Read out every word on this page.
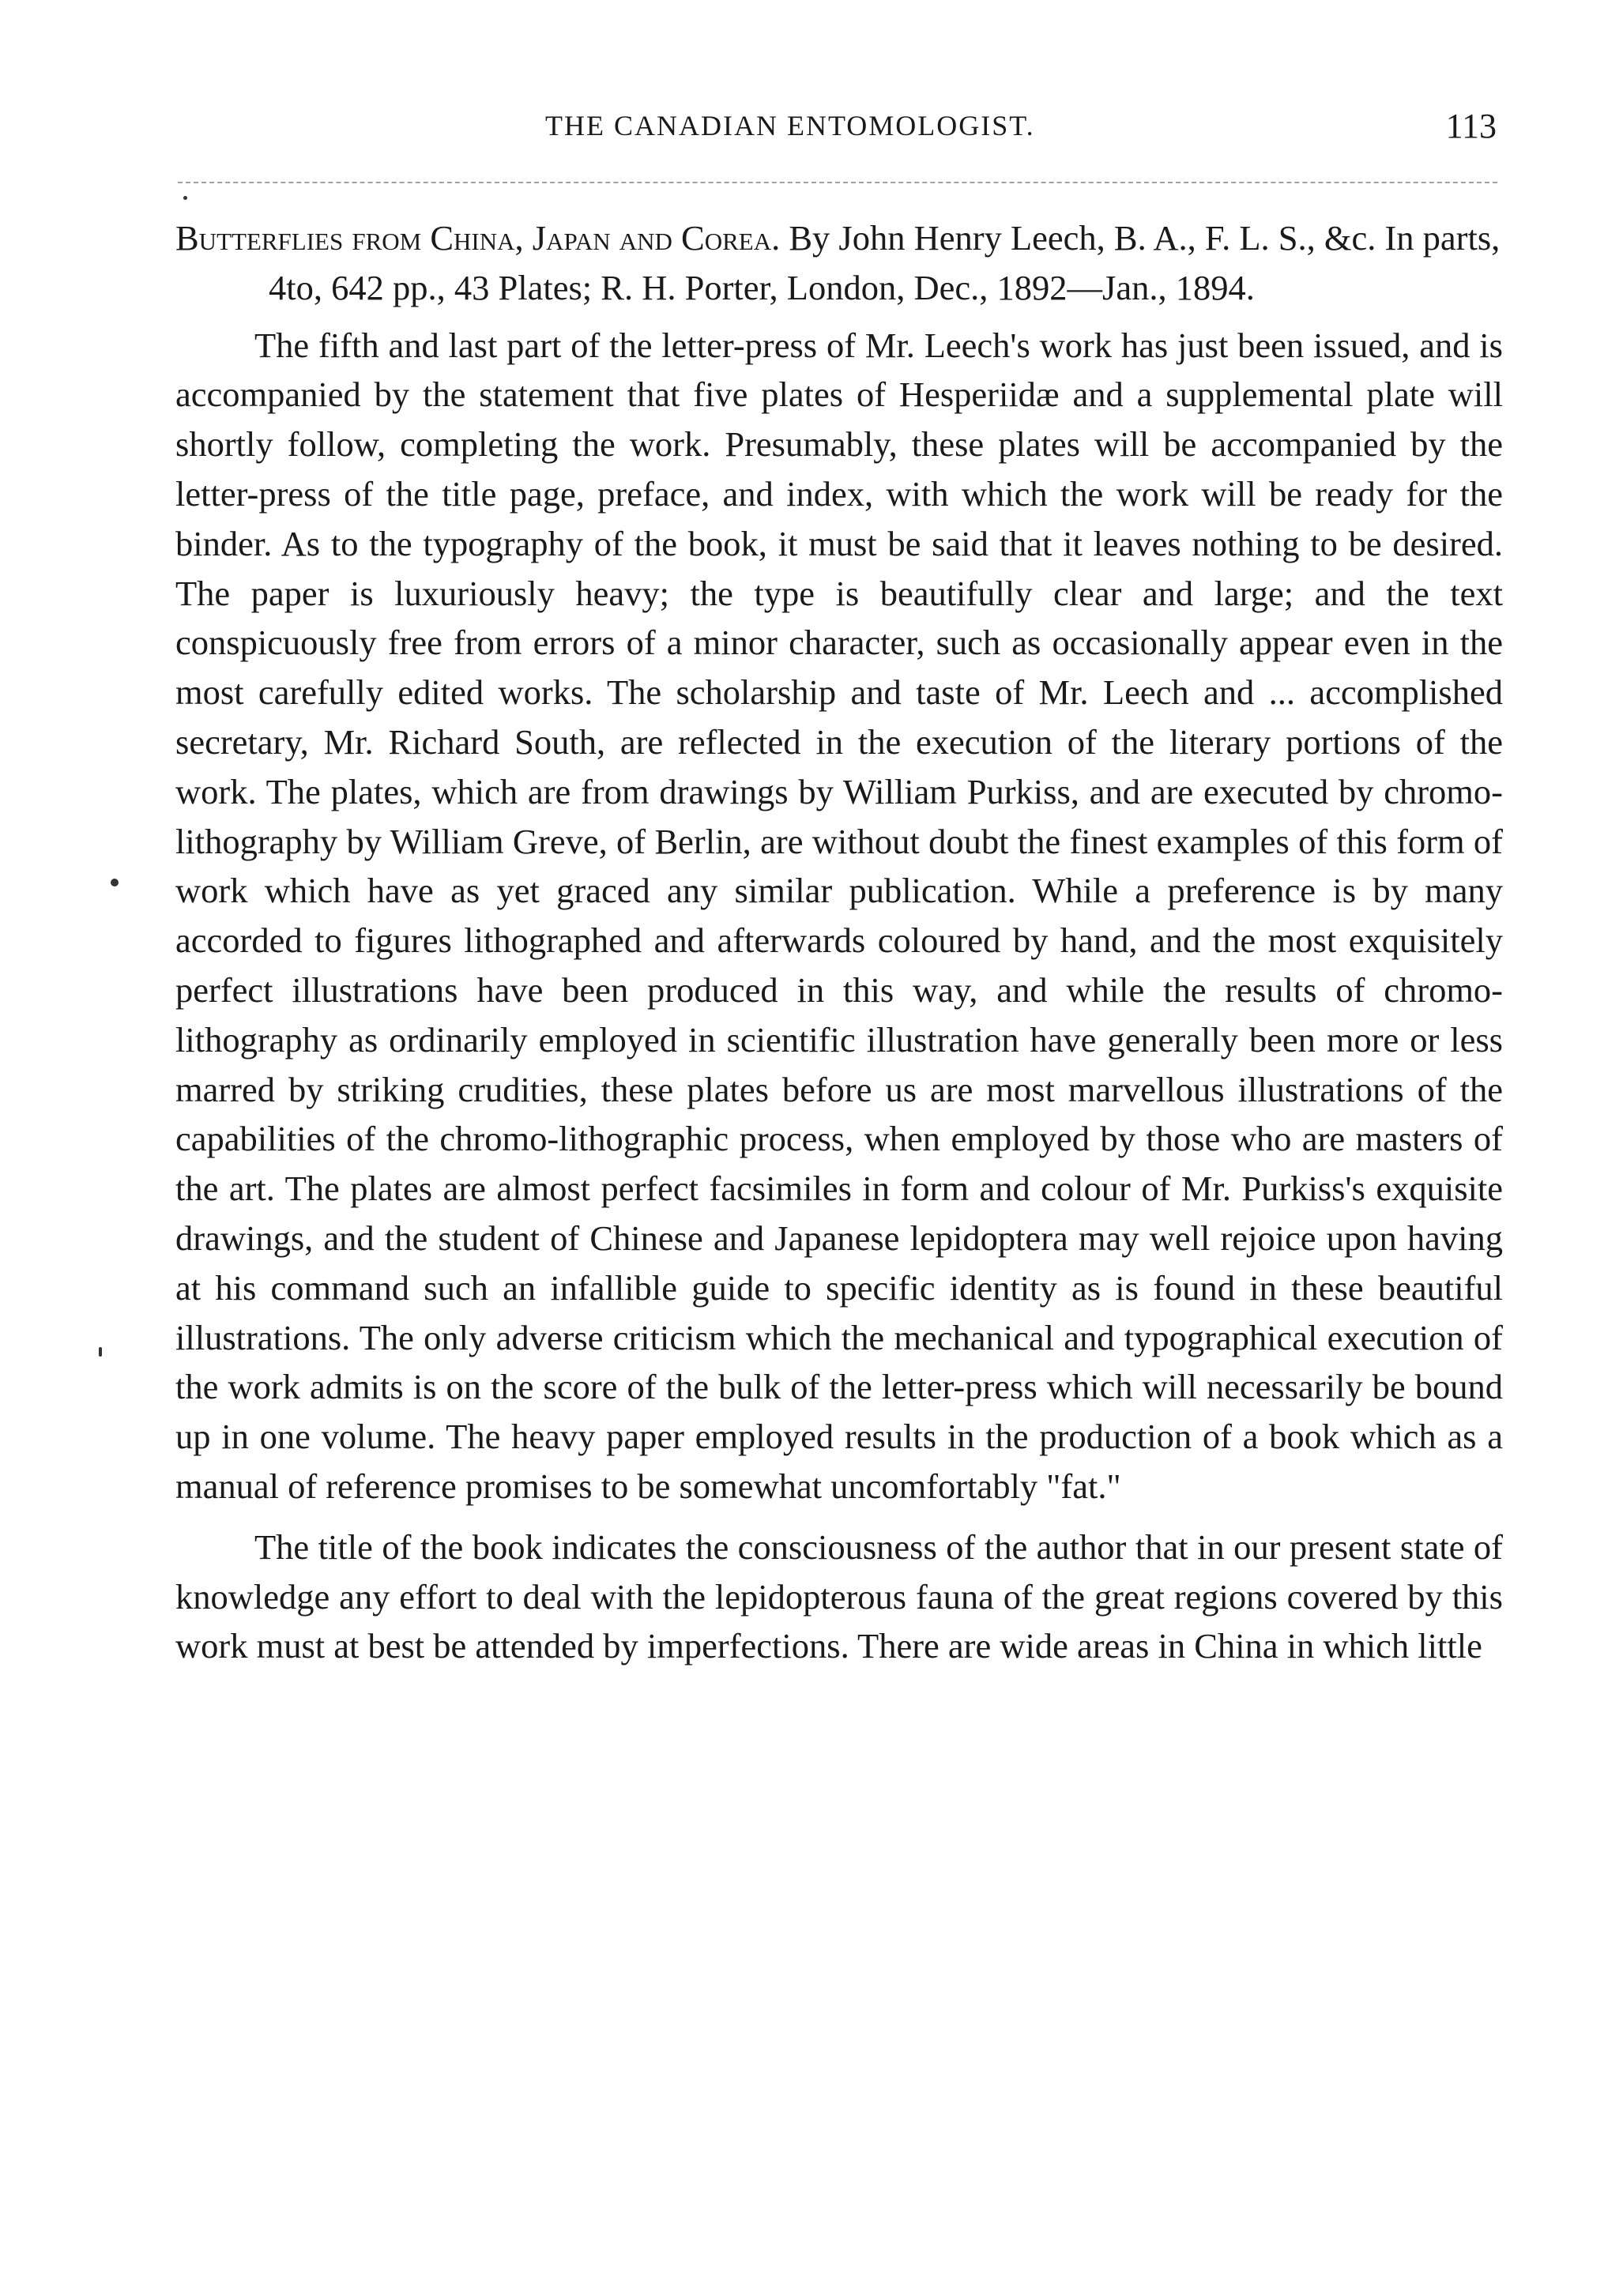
THE CANADIAN ENTOMOLOGIST.	113

Butterflies from China, Japan and Corea. By John Henry Leech, B. A., F. L. S., &c. In parts, 4to, 642 pp., 43 Plates; R. H. Porter, London, Dec., 1892—Jan., 1894.

The fifth and last part of the letter-press of Mr. Leech's work has just been issued, and is accompanied by the statement that five plates of Hesperiidæ and a supplemental plate will shortly follow, completing the work. Presumably, these plates will be accompanied by the letter-press of the title page, preface, and index, with which the work will be ready for the binder. As to the typography of the book, it must be said that it leaves nothing to be desired. The paper is luxuriously heavy; the type is beautifully clear and large; and the text conspicuously free from errors of a minor character, such as occasionally appear even in the most carefully edited works. The scholarship and taste of Mr. Leech and ... accomplished secretary, Mr. Richard South, are reflected in the execution of the literary portions of the work. The plates, which are from drawings by William Purkiss, and are executed by chromo-lithography by William Greve, of Berlin, are without doubt the finest examples of this form of work which have as yet graced any similar publication. While a preference is by many accorded to figures lithographed and afterwards coloured by hand, and the most exquisitely perfect illustrations have been produced in this way, and while the results of chromo-lithography as ordinarily employed in scientific illustration have generally been more or less marred by striking crudities, these plates before us are most marvellous illustrations of the capabilities of the chromo-lithographic process, when employed by those who are masters of the art. The plates are almost perfect facsimiles in form and colour of Mr. Purkiss's exquisite drawings, and the student of Chinese and Japanese lepidoptera may well rejoice upon having at his command such an infallible guide to specific identity as is found in these beautiful illustrations. The only adverse criticism which the mechanical and typographical execution of the work admits is on the score of the bulk of the letter-press which will necessarily be bound up in one volume. The heavy paper employed results in the production of a book which as a manual of reference promises to be somewhat uncomfortably "fat."

The title of the book indicates the consciousness of the author that in our present state of knowledge any effort to deal with the lepidopterous fauna of the great regions covered by this work must at best be attended by imperfections. There are wide areas in China in which little
